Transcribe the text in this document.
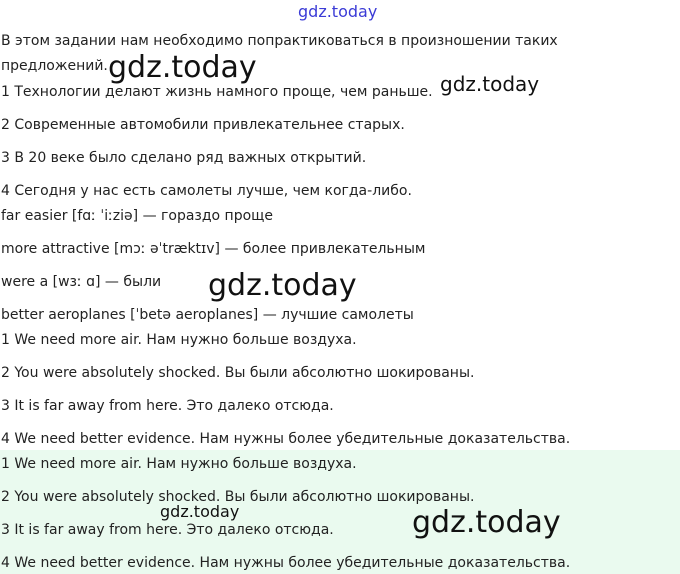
gdz.today
В этом задании нам необходимо попрактиковаться в произношении таких
предложений. gdz.today	gdz.today
1 Технологии делают жизнь намного проще, чем раньше.
2 Современные автомобили привлекательнее старых.
3 В 20 веке было сделано ряд важных открытий.
4 Сегодня у нас есть самолеты лучше, чем когда-либо.
far easier [fɑː ˈiːziə] — гораздо проще
more attractive [mɔː əˈtræktɪv] — более привлекательным
were a [wɜː ɑ] — были gdz.today
better aeroplanes [ˈbetə aeroplanes] — лучшие самолеты
1 We need more air. Нам нужно больше воздуха.
2 You were absolutely shocked. Вы были абсолютно шокированы.
3 It is far away from here. Это далеко отсюда.
4 We need better evidence. Нам нужны более убедительные доказательства.
1 We need more air. Нам нужно больше воздуха.
2 You were absolutely shocked. Вы были абсолютно шокированы.
gdz.today	gdz.today
3 It is far away from here. Это далеко отсюда.
4 We need better evidence. Нам нужны более убедительные доказательства.
